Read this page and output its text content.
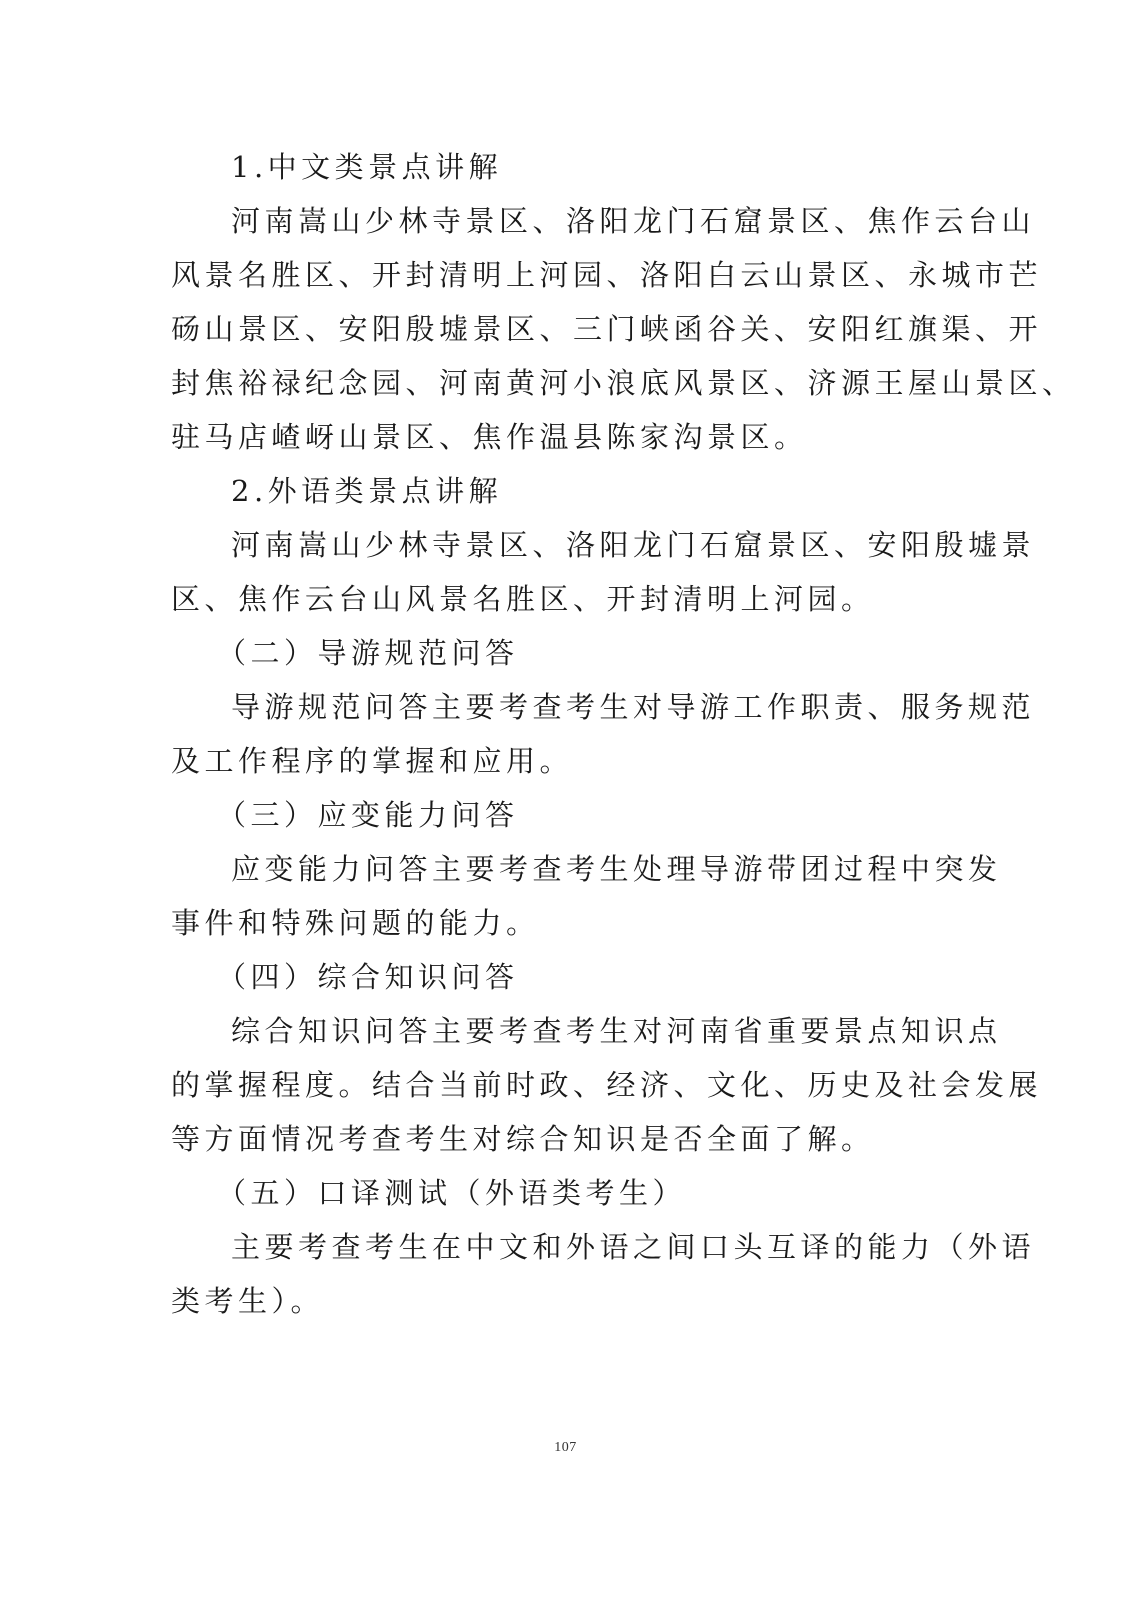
1.中文类景点讲解
河南嵩山少林寺景区、洛阳龙门石窟景区、焦作云台山
风景名胜区、开封清明上河园、洛阳白云山景区、永城市芒
砀山景区、安阳殷墟景区、三门峡函谷关、安阳红旗渠、开
封焦裕禄纪念园、河南黄河小浪底风景区、济源王屋山景区、
驻马店嵖岈山景区、焦作温县陈家沟景区。
2.外语类景点讲解
河南嵩山少林寺景区、洛阳龙门石窟景区、安阳殷墟景
区、焦作云台山风景名胜区、开封清明上河园。
（二）导游规范问答
导游规范问答主要考查考生对导游工作职责、服务规范
及工作程序的掌握和应用。
（三）应变能力问答
应变能力问答主要考查考生处理导游带团过程中突发
事件和特殊问题的能力。
（四）综合知识问答
综合知识问答主要考查考生对河南省重要景点知识点
的掌握程度。结合当前时政、经济、文化、历史及社会发展
等方面情况考查考生对综合知识是否全面了解。
（五）口译测试（外语类考生）
主要考查考生在中文和外语之间口头互译的能力（外语
类考生）。
107
